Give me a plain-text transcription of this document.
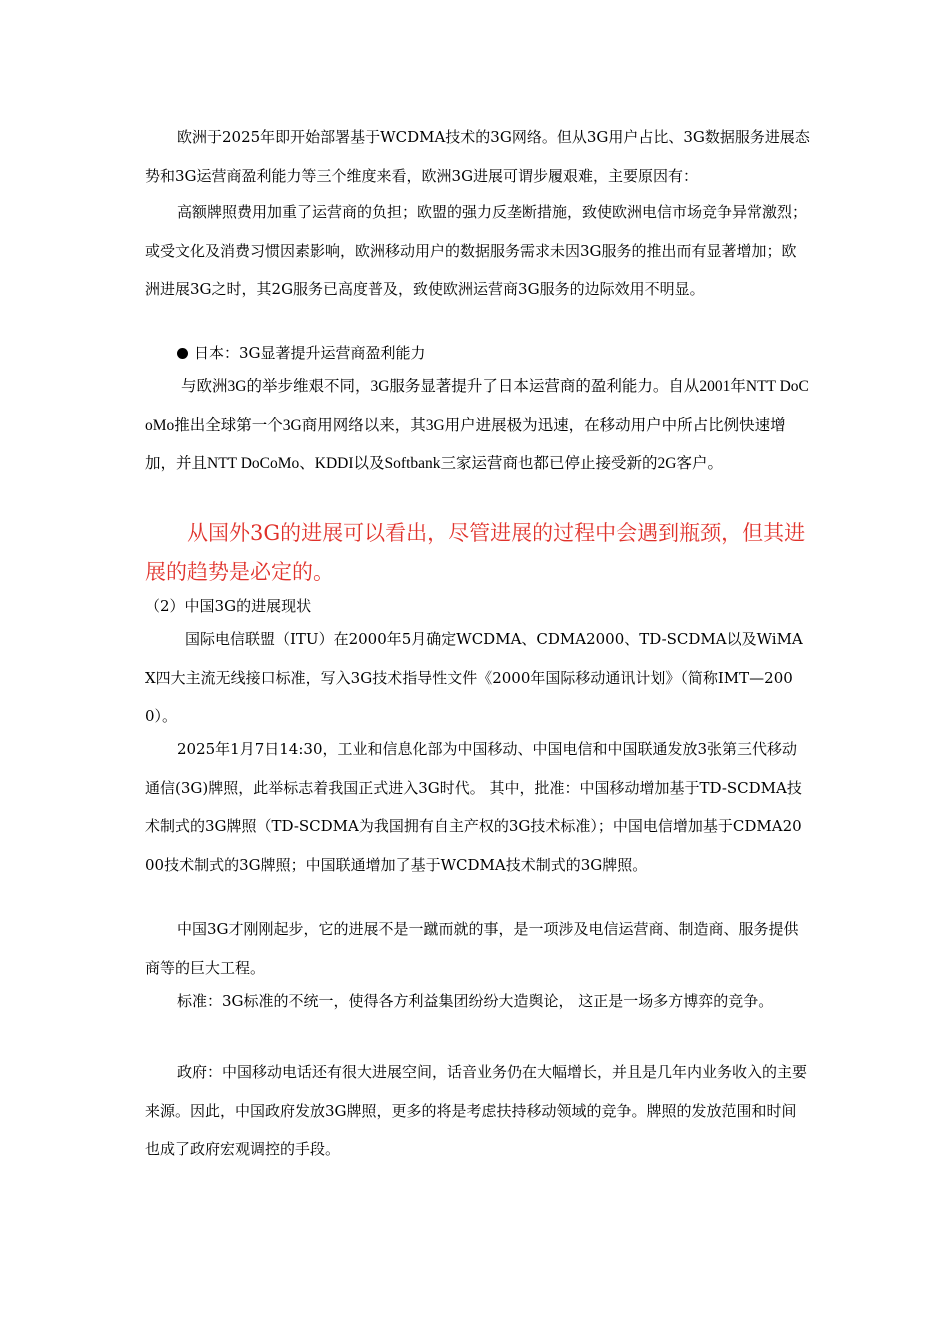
欧洲于2025年即开始部署基于WCDMA技术的3G网络。但从3G用户占比、3G数据服务进展态势和3G运营商盈利能力等三个维度来看，欧洲3G进展可谓步履艰难，主要原因有：

高额牌照费用加重了运营商的负担；欧盟的强力反垄断措施，致使欧洲电信市场竞争异常激烈；或受文化及消费习惯因素影响，欧洲移动用户的数据服务需求未因3G服务的推出而有显著增加；欧洲进展3G之时，其2G服务已高度普及，致使欧洲运营商3G服务的边际效用不明显。

日本：3G显著提升运营商盈利能力

与欧洲3G的举步维艰不同，3G服务显著提升了日本运营商的盈利能力。自从2001年NTT DoCoMo推出全球第一个3G商用网络以来，其3G用户进展极为迅速，在移动用户中所占比例快速增加，并且NTT DoCoMo、KDDI以及Softbank三家运营商也都已停止接受新的2G客户。

从国外3G的进展可以看出，尽管进展的过程中会遇到瓶颈，但其进展的趋势是必定的。

（2）中国3G的进展现状

国际电信联盟（ITU）在2000年5月确定WCDMA、CDMA2000、TD-SCDMA以及WiMAX四大主流无线接口标准，写入3G技术指导性文件《2000年国际移动通讯计划》（简称IMT—2000）。

2025年1月7日14:30，工业和信息化部为中国移动、中国电信和中国联通发放3张第三代移动通信(3G)牌照，此举标志着我国正式进入3G时代。 其中，批准：中国移动增加基于TD-SCDMA技术制式的3G牌照（TD-SCDMA为我国拥有自主产权的3G技术标准）；中国电信增加基于CDMA2000技术制式的3G牌照；中国联通增加了基于WCDMA技术制式的3G牌照。

中国3G才刚刚起步，它的进展不是一蹴而就的事，是一项涉及电信运营商、制造商、服务提供商等的巨大工程。

标准：3G标准的不统一，使得各方利益集团纷纷大造舆论， 这正是一场多方博弈的竞争。

政府：中国移动电话还有很大进展空间，话音业务仍在大幅增长，并且是几年内业务收入的主要来源。因此，中国政府发放3G牌照，更多的将是考虑扶持移动领域的竞争。牌照的发放范围和时间也成了政府宏观调控的手段。
